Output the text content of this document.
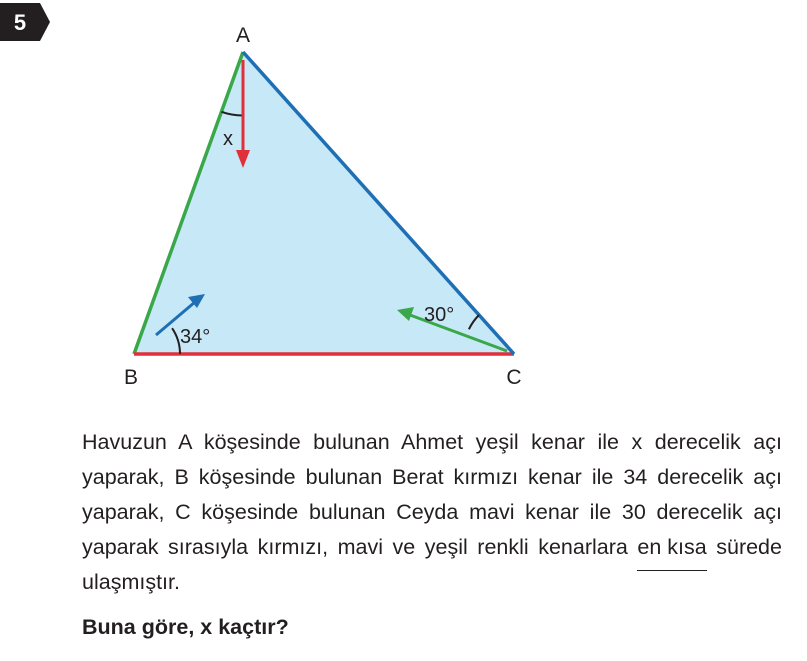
5
A
B	C
x
34°
30°

Havuzun A köşesinde bulunan Ahmet yeşil kenar ile x derecelik açı yaparak, B köşesinde bulunan Berat kırmızı kenar ile 34 derecelik açı yaparak, C köşesinde bulunan Ceyda mavi kenar ile 30 derecelik açı yaparak sırasıyla kırmızı, mavi ve yeşil renkli kenarlara en kısa sürede ulaşmıştır.

Buna göre, x kaçtır?
